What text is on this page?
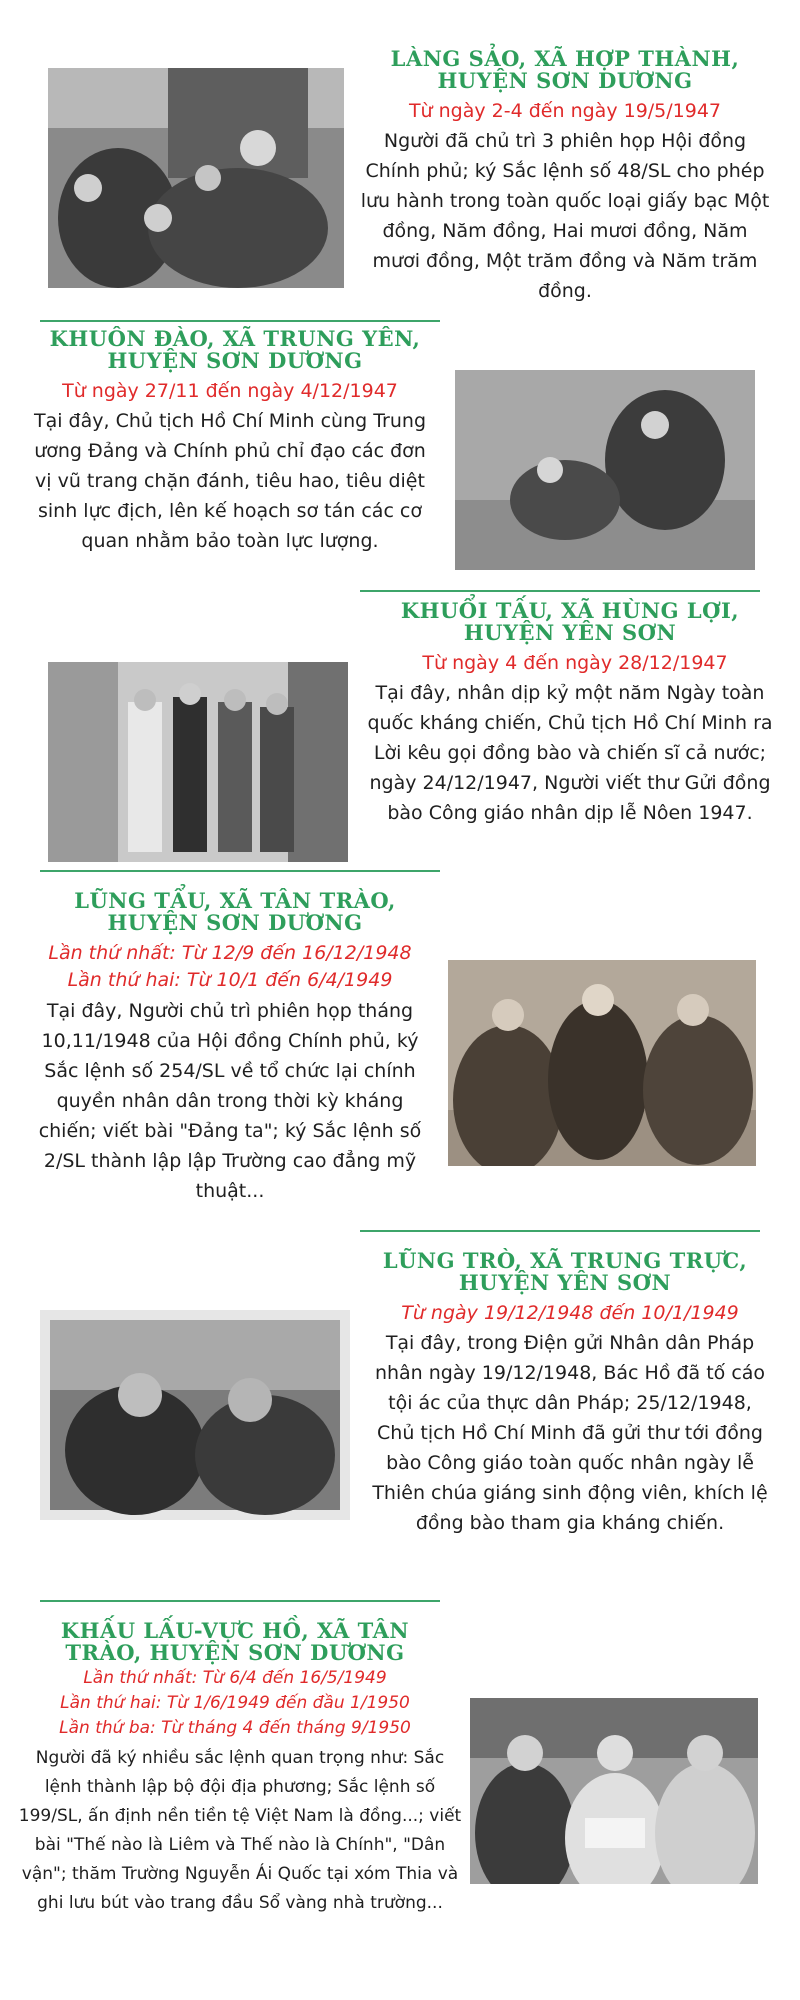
LÀNG SẢO, XÃ HỢP THÀNH, HUYỆN SƠN DƯƠNG
Từ ngày 2-4 đến ngày 19/5/1947
Người đã chủ trì 3 phiên họp Hội đồng Chính phủ; ký Sắc lệnh số 48/SL cho phép lưu hành trong toàn quốc loại giấy bạc Một đồng, Năm đồng, Hai mươi đồng, Năm mươi đồng, Một trăm đồng và Năm trăm đồng.
KHUÔN ĐÀO, XÃ TRUNG YÊN, HUYỆN SƠN DƯƠNG
Từ ngày 27/11 đến ngày 4/12/1947
Tại đây, Chủ tịch Hồ Chí Minh cùng Trung ương Đảng và Chính phủ chỉ đạo các đơn vị vũ trang chặn đánh, tiêu hao, tiêu diệt sinh lực địch, lên kế hoạch sơ tán các cơ quan nhằm bảo toàn lực lượng.
KHUỔI TẤU, XÃ HÙNG LỢI, HUYỆN YÊN SƠN
Từ ngày 4 đến ngày 28/12/1947
Tại đây, nhân dịp kỷ một năm Ngày toàn quốc kháng chiến, Chủ tịch Hồ Chí Minh ra Lời kêu gọi đồng bào và chiến sĩ cả nước; ngày 24/12/1947, Người viết thư Gửi đồng bào Công giáo nhân dịp lễ Nôen 1947.
LŨNG TẨU, XÃ TÂN TRÀO, HUYỆN SƠN DƯƠNG
Lần thứ nhất: Từ 12/9 đến 16/12/1948
Lần thứ hai: Từ 10/1 đến 6/4/1949
Tại đây, Người chủ trì phiên họp tháng 10,11/1948 của Hội đồng Chính phủ, ký Sắc lệnh số 254/SL về tổ chức lại chính quyền nhân dân trong thời kỳ kháng chiến; viết bài "Đảng ta"; ký Sắc lệnh số 2/SL thành lập lập Trường cao đẳng mỹ thuật...
LŨNG TRÒ, XÃ TRUNG TRỰC, HUYỆN YÊN SƠN
Từ ngày 19/12/1948 đến 10/1/1949
Tại đây, trong Điện gửi Nhân dân Pháp nhân ngày 19/12/1948, Bác Hồ đã tố cáo tội ác của thực dân Pháp; 25/12/1948, Chủ tịch Hồ Chí Minh đã gửi thư tới đồng bào Công giáo toàn quốc nhân ngày lễ Thiên chúa giáng sinh động viên, khích lệ đồng bào tham gia kháng chiến.
KHẤU LẤU-VỰC HỒ, XÃ TÂN TRÀO, HUYỆN SƠN DƯƠNG
Lần thứ nhất: Từ 6/4 đến 16/5/1949
Lần thứ hai: Từ 1/6/1949 đến đầu 1/1950
Lần thứ ba: Từ tháng 4 đến tháng 9/1950
Người đã ký nhiều sắc lệnh quan trọng như: Sắc lệnh thành lập bộ đội địa phương; Sắc lệnh số 199/SL, ấn định nền tiền tệ Việt Nam là đồng...; viết bài "Thế nào là Liêm và Thế nào là Chính", "Dân vận"; thăm Trường Nguyễn Ái Quốc tại xóm Thia và ghi lưu bút vào trang đầu Sổ vàng nhà trường...
